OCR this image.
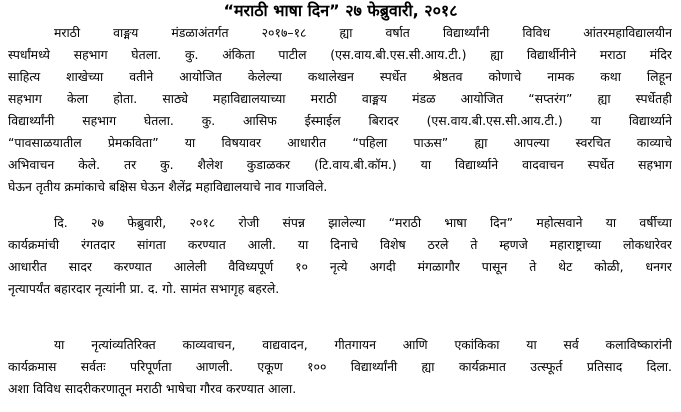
“मराठी भाषा दिन” २७ फेब्रुवारी, २०१८
मराठी वाङ्मय मंडळाअंतर्गत २०१७–१८ ह्या वर्षात विद्यार्थ्यांनी विविध आंतरमहाविद्यालयीन
स्पर्धांमध्ये सहभाग घेतला. कु. अंकिता पाटील (एस.वाय.बी.एस.सी.आय.टी.) ह्या विद्यार्थीनीने मराठा मंदिर
साहित्य शाखेच्या वतीने आयोजित केलेल्या कथालेखन स्पर्धेत श्रेष्ठतव कोणाचे नामक कथा लिहून
सहभाग केला होता. साठ्ये महाविद्यालयाच्या मराठी वाङ्मय मंडळ आयोजित “सप्तरंग” ह्या स्पर्धेतही
विद्यार्थ्यांनी सहभाग घेतला. कु. आसिफ ईस्माईल बिरादर (एस.वाय.बी.एस.सी.आय.टी.) या विद्यार्थ्याने
“पावसाळयातील प्रेमकविता” या विषयावर आधारीत “पहिला पाऊस” ह्या आपल्या स्वरचित काव्याचे
अभिवाचन केले. तर कु. शैलेश कुडाळकर (टि.वाय.बी.कॉम.) या विद्यार्थ्याने वादवाचन स्पर्धेत सहभाग
घेऊन तृतीय क्रमांकाचे बक्षिस घेऊन शैलेंद्र महाविद्यालयाचे नाव गाजविले.
दि. २७ फेब्रुवारी, २०१८ रोजी संपन्न झालेल्या “मराठी भाषा दिन” महोत्सवाने या वर्षीच्या
कार्यक्रमांची रंगतदार सांगता करण्यात आली. या दिनाचे विशेष ठरले ते म्हणजे महाराष्ट्राच्या लोकधारेवर
आधारीत सादर करण्यात आलेली वैविध्यपूर्ण १० नृत्ये अगदी मंगळागौर पासून ते थेट कोळी, धनगर
नृत्यापर्यंत बहारदार नृत्यांनी प्रा. द. गो. सामंत सभागृह बहरले.
या नृत्यांव्यतिरिक्त काव्यवाचन, वाद्यवादन, गीतगायन आणि एकांकिका या सर्व कलाविष्कारांनी
कार्यक्रमास सर्वतः परिपूर्णता आणली. एकूण १०० विद्यार्थ्यांनी ह्या कार्यक्रमात उत्स्फूर्त प्रतिसाद दिला.
अशा विविध सादरीकरणातून मराठी भाषेचा गौरव करण्यात आला.
